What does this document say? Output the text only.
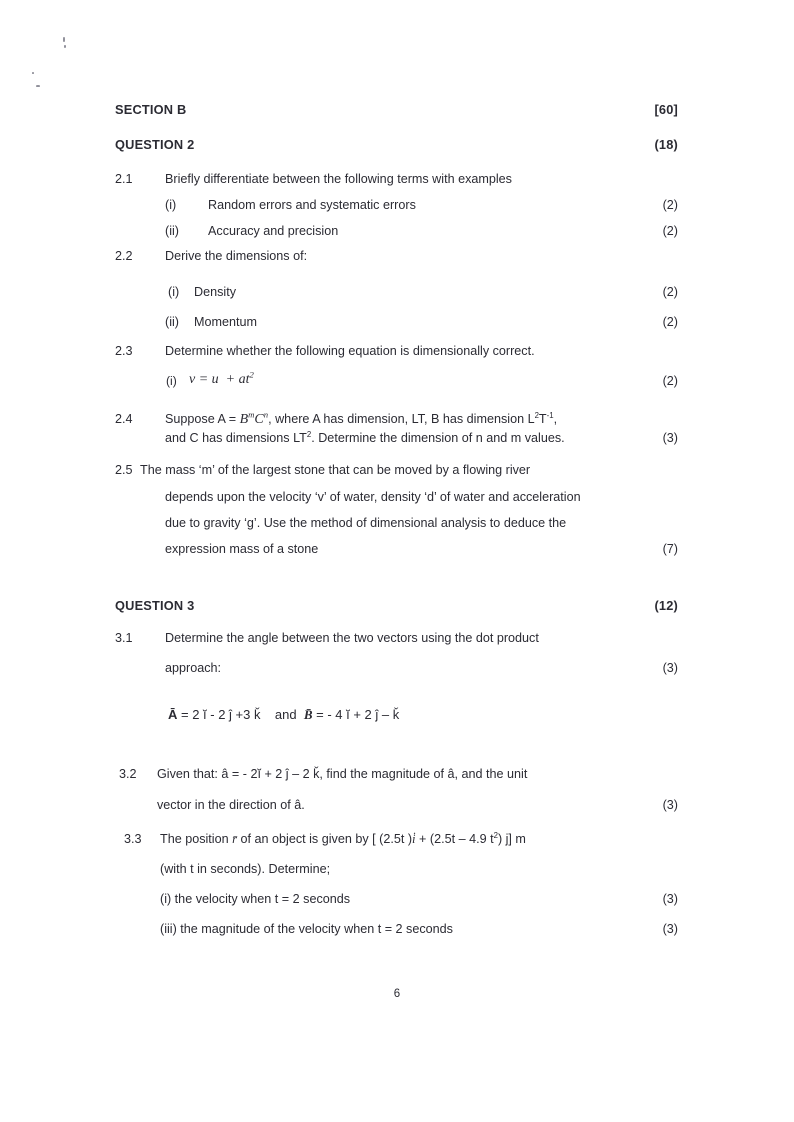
SECTION B	[60]
QUESTION 2	(18)
2.1	Briefly differentiate between the following terms with examples
(i)	Random errors and systematic errors	(2)
(ii) Accuracy and precision	(2)
2.2	Derive the dimensions of:
(i) Density	(2)
(ii) Momentum	(2)
2.3	Determine whether the following equation is dimensionally correct.
(i) $v = u + at^2$	(2)
2.4	Suppose $A = B^mC^n$, where A has dimension, LT, B has dimension $L^2T^{-1}$,
and C has dimensions $LT^2$. Determine the dimension of n and m values.	(3)
2.5 The mass ‘m’ of the largest stone that can be moved by a flowing river
depends upon the velocity ‘v’ of water, density ‘d’ of water and acceleration
due to gravity ‘g’. Use the method of dimensional analysis to deduce the
expression mass of a stone	(7)
QUESTION 3	(12)
3.1	Determine the angle between the two vectors using the dot product
approach:	(3)
Ā = 2 ĭ - 2 ĵ +3 ǩ    and  B̄ = - 4 ĭ + 2 ĵ – ǩ
3.2 Given that: â = - 2ĭ + 2 ĵ – 2 ǩ, find the magnitude of â, and the unit
vector in the direction of â.	(3)
3.3 The position r̄ of an object is given by [ (2.5t )i̇ + (2.5t – 4.9 $t^2$) j] m
(with t in seconds). Determine;
(i) the velocity when t = 2 seconds	(3)
(iii) the magnitude of the velocity when t = 2 seconds	(3)
6
